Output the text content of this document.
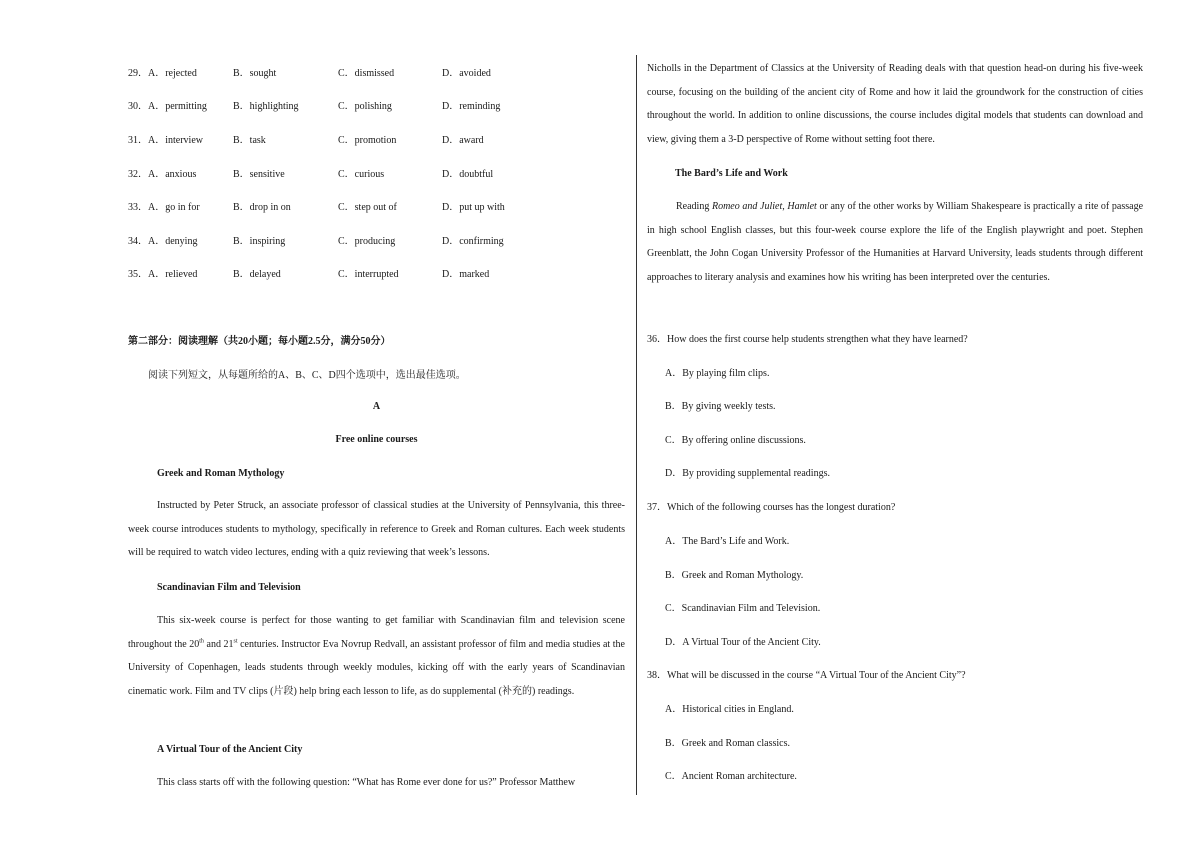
29．A．rejected	B．sought	C．dismissed	D．avoided
30．A．permitting	B．highlighting	C．polishing	D．reminding
31．A．interview	B．task	C．promotion	D．award
32．A．anxious	B．sensitive	C．curious	D．doubtful
33．A．go in for	B．drop in on	C．step out of	D．put up with
34．A．denying	B．inspiring	C．producing	D．confirming
35．A．relieved	B．delayed	C．interrupted	D．marked
第二部分：阅读理解（共20小题；每小题2.5分，满分50分）
阅读下列短文，从每题所给的A、B、C、D四个选项中，选出最佳选项。
A
Free online courses
Greek and Roman Mythology
Instructed by Peter Struck, an associate professor of classical studies at the University of Pennsylvania, this three-week course introduces students to mythology, specifically in reference to Greek and Roman cultures. Each week students will be required to watch video lectures, ending with a quiz reviewing that week’s lessons.
Scandinavian Film and Television
This six-week course is perfect for those wanting to get familiar with Scandinavian film and television scene throughout the 20th and 21st centuries. Instructor Eva Novrup Redvall, an assistant professor of film and media studies at the University of Copenhagen, leads students through weekly modules, kicking off with the early years of Scandinavian cinematic work. Film and TV clips (片段) help bring each lesson to life, as do supplemental (补充的) readings.
A Virtual Tour of the Ancient City
This class starts off with the following question: “What has Rome ever done for us?” Professor Matthew
Nicholls in the Department of Classics at the University of Reading deals with that question head-on during his five-week course, focusing on the building of the ancient city of Rome and how it laid the groundwork for the construction of cities throughout the world. In addition to online discussions, the course includes digital models that students can download and view, giving them a 3-D perspective of Rome without setting foot there.
The Bard’s Life and Work
Reading Romeo and Juliet, Hamlet or any of the other works by William Shakespeare is practically a rite of passage in high school English classes, but this four-week course explore the life of the English playwright and poet. Stephen Greenblatt, the John Cogan University Professor of the Humanities at Harvard University, leads students through different approaches to literary analysis and examines how his writing has been interpreted over the centuries.
36．How does the first course help students strengthen what they have learned?
A．By playing film clips.
B．By giving weekly tests.
C．By offering online discussions.
D．By providing supplemental readings.
37．Which of the following courses has the longest duration?
A．The Bard’s Life and Work.
B．Greek and Roman Mythology.
C．Scandinavian Film and Television.
D．A Virtual Tour of the Ancient City.
38．What will be discussed in the course “A Virtual Tour of the Ancient City”?
A．Historical cities in England.
B．Greek and Roman classics.
C．Ancient Roman architecture.
